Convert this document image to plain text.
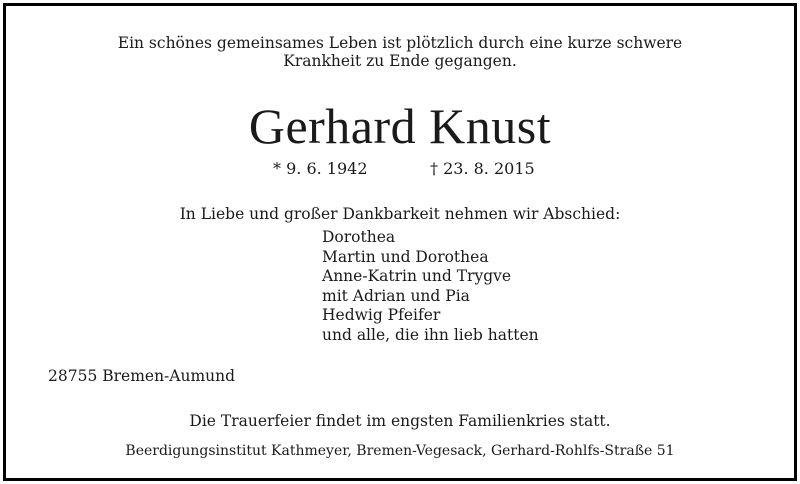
Ein schönes gemeinsames Leben ist plötzlich durch eine kurze schwere
Krankheit zu Ende gegangen.
Gerhard Knust
* 9. 6. 1942	† 23. 8. 2015
In Liebe und großer Dankbarkeit nehmen wir Abschied:
Dorothea
Martin und Dorothea
Anne-Katrin und Trygve
mit Adrian und Pia
Hedwig Pfeifer
und alle, die ihn lieb hatten
28755 Bremen-Aumund
Die Trauerfeier findet im engsten Familienkries statt.
Beerdigungsinstitut Kathmeyer, Bremen-Vegesack, Gerhard-Rohlfs-Straße 51
